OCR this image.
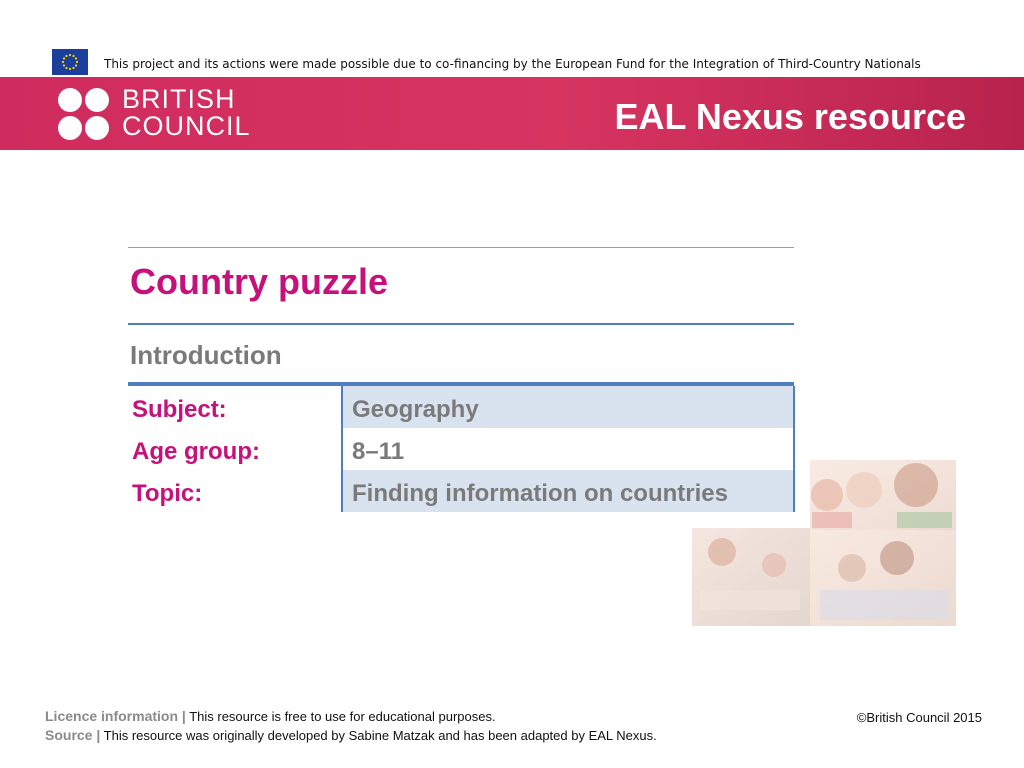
This project and its actions were made possible due to co-financing by the European Fund for the Integration of Third-Country Nationals
BRITISH
COUNCIL	EAL Nexus resource
Country puzzle
Introduction
Subject:	Geography
Age group:	8–11
Topic:	Finding information on countries
Licence information | This resource is free to use for educational purposes.
Source | This resource was originally developed by Sabine Matzak and has been adapted by EAL Nexus.
©British Council 2015
